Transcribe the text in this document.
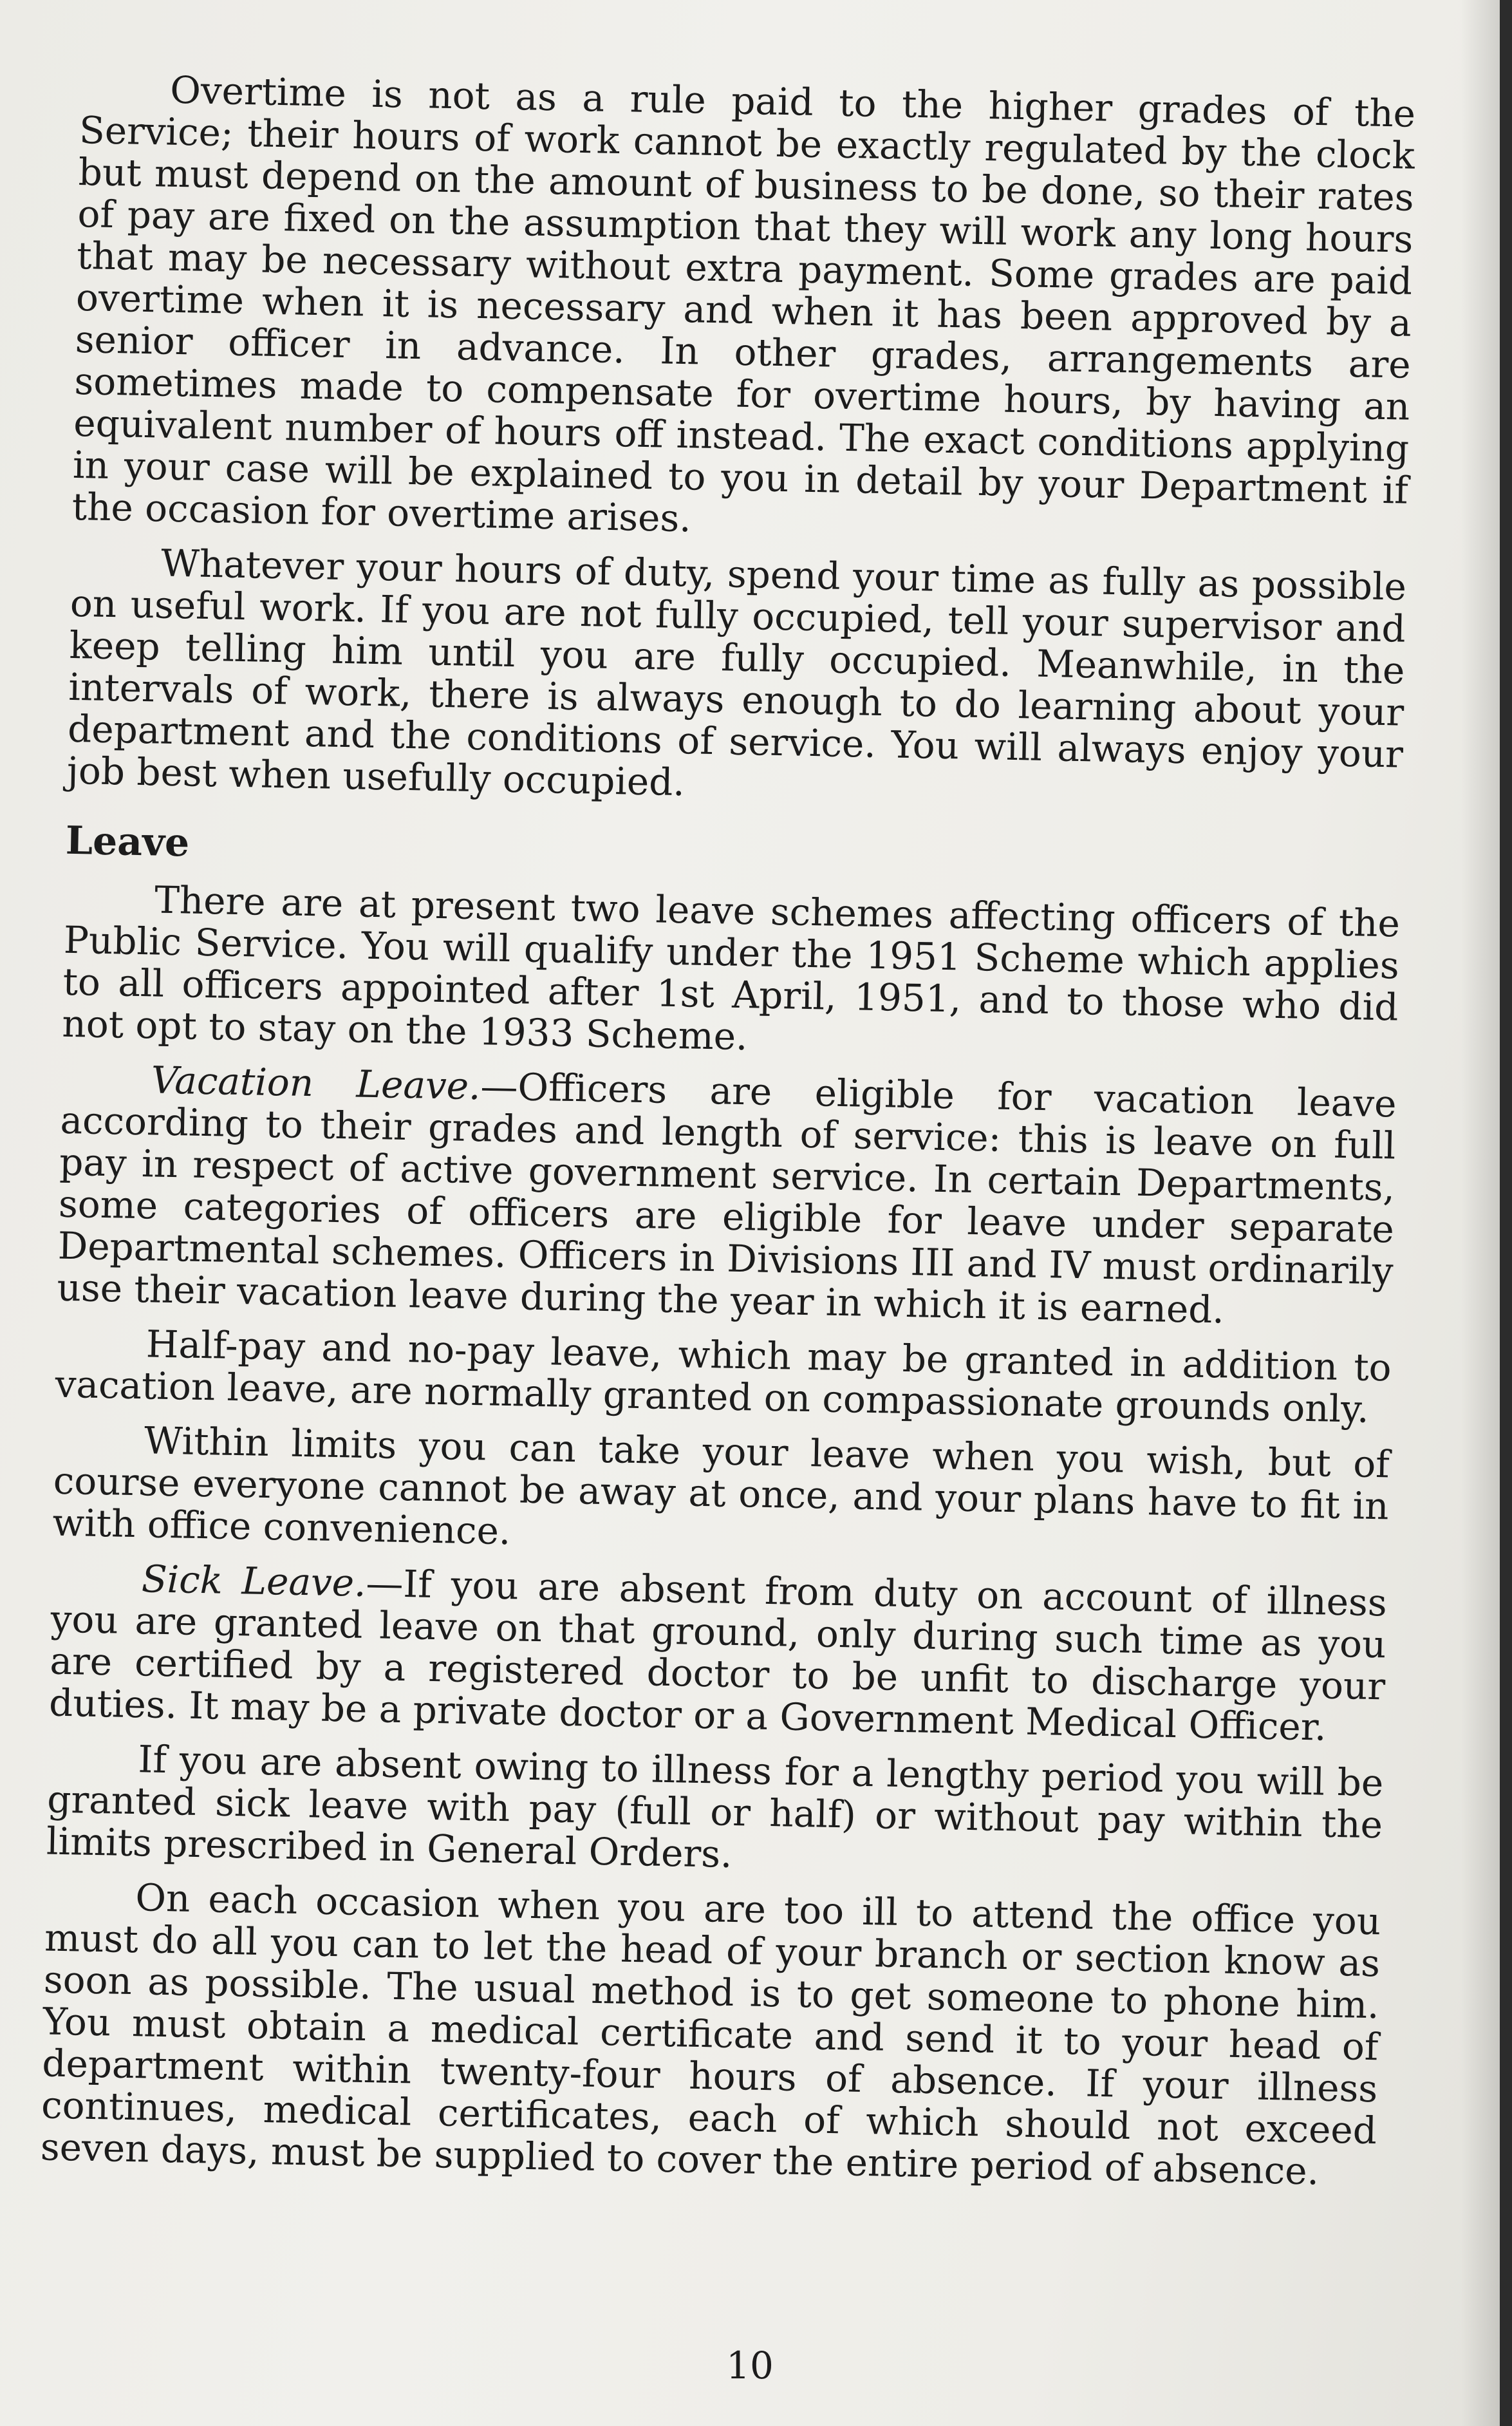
Overtime is not as a rule paid to the higher grades of the Service; their hours of work cannot be exactly regulated by the clock but must depend on the amount of business to be done, so their rates of pay are fixed on the assumption that they will work any long hours that may be necessary without extra payment. Some grades are paid overtime when it is necessary and when it has been approved by a senior officer in advance. In other grades, arrangements are sometimes made to compensate for overtime hours, by having an equivalent number of hours off instead. The exact conditions applying in your case will be explained to you in detail by your Department if the occasion for overtime arises.

Whatever your hours of duty, spend your time as fully as possible on useful work. If you are not fully occupied, tell your supervisor and keep telling him until you are fully occupied. Meanwhile, in the intervals of work, there is always enough to do learning about your department and the conditions of service. You will always enjoy your job best when usefully occupied.

Leave

There are at present two leave schemes affecting officers of the Public Service. You will qualify under the 1951 Scheme which applies to all officers appointed after 1st April, 1951, and to those who did not opt to stay on the 1933 Scheme.

Vacation Leave.—Officers are eligible for vacation leave according to their grades and length of service: this is leave on full pay in respect of active government service. In certain Departments, some categories of officers are eligible for leave under separate Departmental schemes. Officers in Divisions III and IV must ordinarily use their vacation leave during the year in which it is earned.

Half-pay and no-pay leave, which may be granted in addition to vacation leave, are normally granted on compassionate grounds only.

Within limits you can take your leave when you wish, but of course everyone cannot be away at once, and your plans have to fit in with office convenience.

Sick Leave.—If you are absent from duty on account of illness you are granted leave on that ground, only during such time as you are certified by a registered doctor to be unfit to discharge your duties. It may be a private doctor or a Government Medical Officer.

If you are absent owing to illness for a lengthy period you will be granted sick leave with pay (full or half) or without pay within the limits prescribed in General Orders.

On each occasion when you are too ill to attend the office you must do all you can to let the head of your branch or section know as soon as possible. The usual method is to get someone to phone him. You must obtain a medical certificate and send it to your head of department within twenty-four hours of absence. If your illness continues, medical certificates, each of which should not exceed seven days, must be supplied to cover the entire period of absence.

10
